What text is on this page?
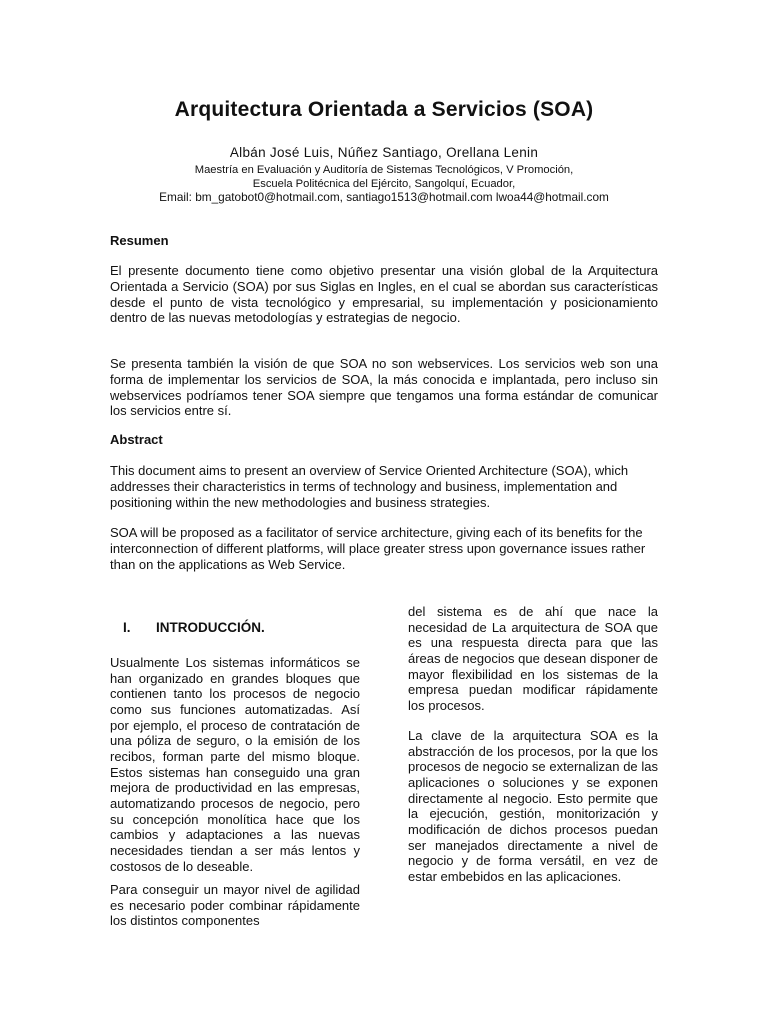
Arquitectura Orientada a Servicios (SOA)
Albán José Luis, Núñez Santiago, Orellana Lenin
Maestría en Evaluación y Auditoría de Sistemas Tecnológicos, V Promoción,
Escuela Politécnica del Ejército, Sangolquí, Ecuador,
Email: bm_gatobot0@hotmail.com, santiago1513@hotmail.com lwoa44@hotmail.com
Resumen

El presente documento tiene como objetivo presentar una visión global de la Arquitectura Orientada a Servicio (SOA) por sus Siglas en Ingles, en el cual se abordan sus características desde el punto de vista tecnológico y empresarial, su implementación y posicionamiento dentro de las nuevas metodologías y estrategias de negocio.

Se presenta también la visión de que SOA no son webservices. Los servicios web son una forma de implementar los servicios de SOA, la más conocida e implantada, pero incluso sin webservices podríamos tener SOA siempre que tengamos una forma estándar de comunicar los servicios entre sí.

Abstract

This document aims to present an overview of Service Oriented Architecture (SOA), which addresses their characteristics in terms of technology and business, implementation and positioning within the new methodologies and business strategies.

SOA will be proposed as a facilitator of service architecture, giving each of its benefits for the interconnection of different platforms, will place greater stress upon governance issues rather than on the applications as Web Service.

I. INTRODUCCIÓN.

Usualmente Los sistemas informáticos se han organizado en grandes bloques que contienen tanto los procesos de negocio como sus funciones automatizadas. Así por ejemplo, el proceso de contratación de una póliza de seguro, o la emisión de los recibos, forman parte del mismo bloque. Estos sistemas han conseguido una gran mejora de productividad en las empresas, automatizando procesos de negocio, pero su concepción monolítica hace que los cambios y adaptaciones a las nuevas necesidades tiendan a ser más lentos y costosos de lo deseable.

Para conseguir un mayor nivel de agilidad es necesario poder combinar rápidamente los distintos componentes

del sistema es de ahí que nace la necesidad de La arquitectura de SOA que es una respuesta directa para que las áreas de negocios que desean disponer de mayor flexibilidad en los sistemas de la empresa puedan modificar rápidamente los procesos.

La clave de la arquitectura SOA es la abstracción de los procesos, por la que los procesos de negocio se externalizan de las aplicaciones o soluciones y se exponen directamente al negocio. Esto permite que la ejecución, gestión, monitorización y modificación de dichos procesos puedan ser manejados directamente a nivel de negocio y de forma versátil, en vez de estar embebidos en las aplicaciones.
